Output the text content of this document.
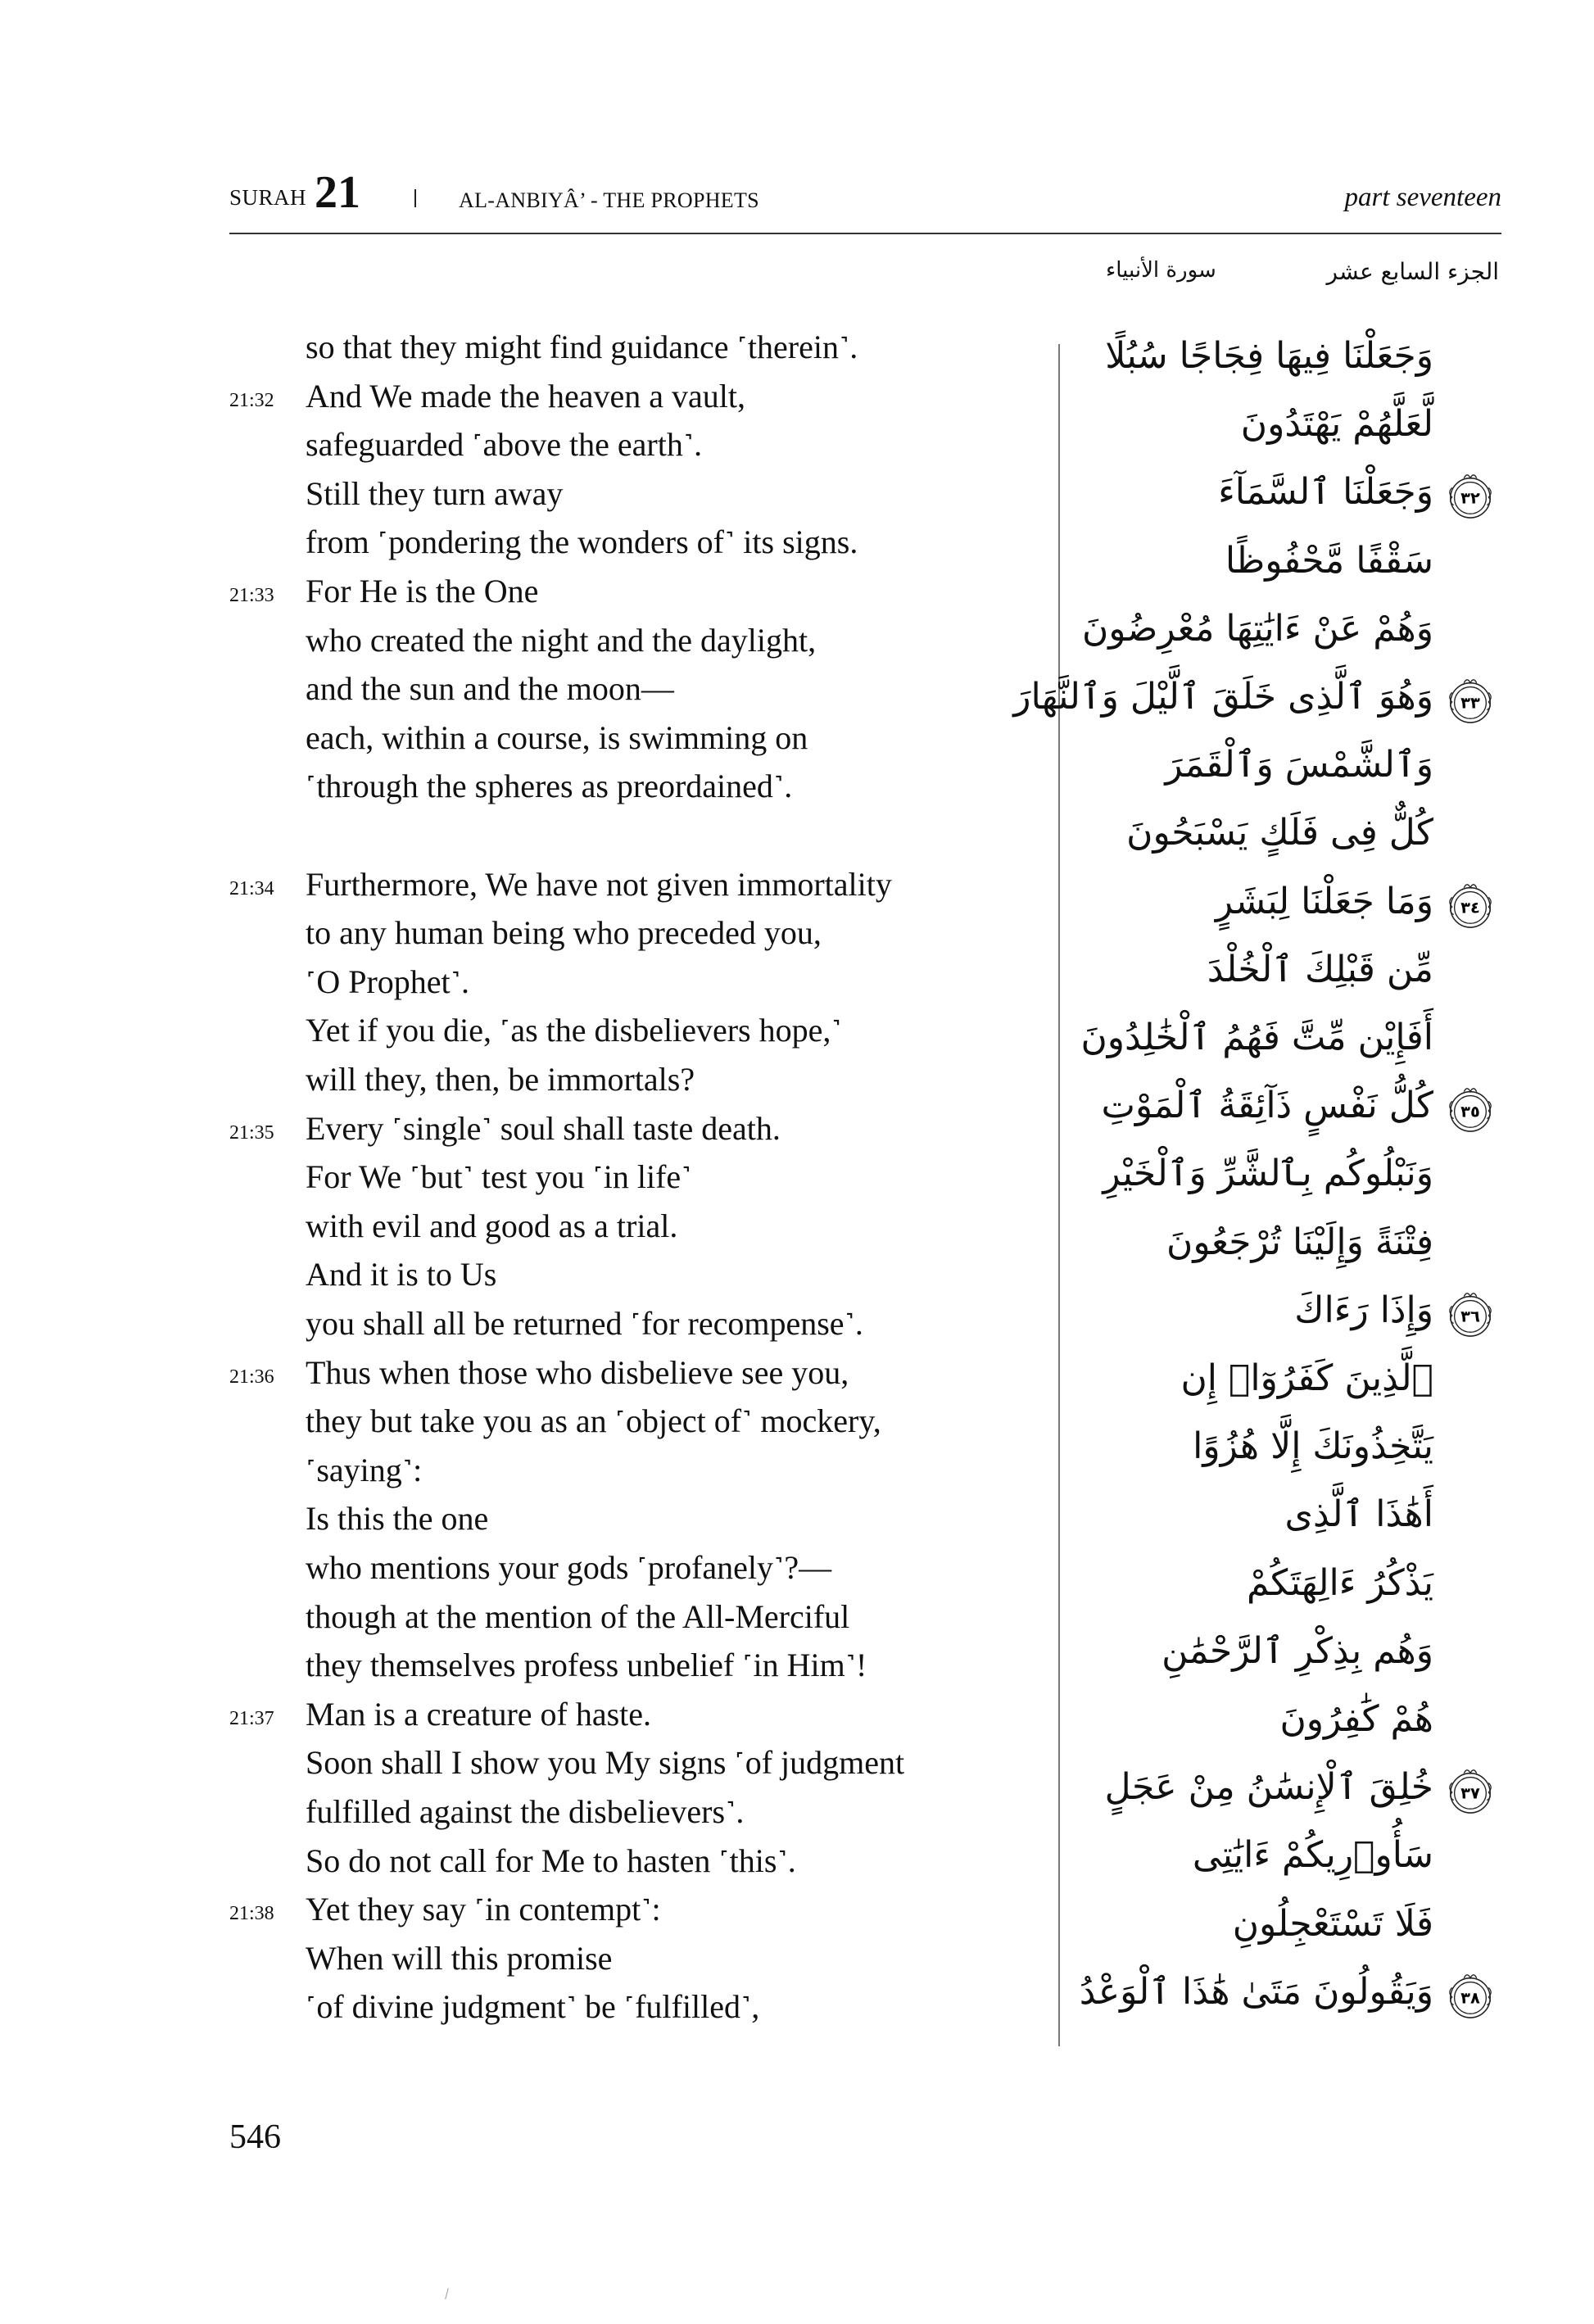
SURAH 21	AL-ANBIYÂ’ - THE PROPHETS	part seventeen
الجزء السابع عشر
سورة الأنبياء
so that they might find guidance ˹therein˺.
21:32 And We made the heaven a vault,
safeguarded ˹above the earth˺.
Still they turn away
from ˹pondering the wonders of˺ its signs.
21:33 For He is the One
who created the night and the daylight,
and the sun and the moon—
each, within a course, is swimming on
˹through the spheres as preordained˺.
21:34 Furthermore, We have not given immortality
to any human being who preceded you,
˹O Prophet˺.
Yet if you die, ˹as the disbelievers hope,˺
will they, then, be immortals?
21:35 Every ˹single˺ soul shall taste death.
For We ˹but˺ test you ˹in life˺
with evil and good as a trial.
And it is to Us
you shall all be returned ˹for recompense˺.
21:36 Thus when those who disbelieve see you,
they but take you as an ˹object of˺ mockery,
˹saying˺:
Is this the one
who mentions your gods ˹profanely˺?—
though at the mention of the All-Merciful
they themselves profess unbelief ˹in Him˺!
21:37 Man is a creature of haste.
Soon shall I show you My signs ˹of judgment
fulfilled against the disbelievers˺.
So do not call for Me to hasten ˹this˺.
21:38 Yet they say ˹in contempt˺:
When will this promise
˹of divine judgment˺ be ˹fulfilled˺,
وَجَعَلْنَا فِيهَا فِجَاجًا سُبُلًا
لَّعَلَّهُمْ يَهْتَدُونَ
وَجَعَلْنَا ٱلسَّمَآءَ ٣٢
سَقْفًا مَّحْفُوظًا
وَهُمْ عَنْ ءَايَٰتِهَا مُعْرِضُونَ
وَهُوَ ٱلَّذِى خَلَقَ ٱلَّيْلَ وَٱلنَّهَارَ ٣٣
وَٱلشَّمْسَ وَٱلْقَمَرَ
كُلٌّ فِى فَلَكٍ يَسْبَحُونَ
وَمَا جَعَلْنَا لِبَشَرٍ ٣٤
مِّن قَبْلِكَ ٱلْخُلْدَ
أَفَإِيْن مِّتَّ فَهُمُ ٱلْخَٰلِدُونَ
كُلُّ نَفْسٍ ذَآئِقَةُ ٱلْمَوْتِ ٣٥
وَنَبْلُوكُم بِٱلشَّرِّ وَٱلْخَيْرِ
فِتْنَةً وَإِلَيْنَا تُرْجَعُونَ
وَإِذَا رَءَاكَ ٣٦
ٱلَّذِينَ كَفَرُوٓا۟ إِن
يَتَّخِذُونَكَ إِلَّا هُزُوًا
أَهَٰذَا ٱلَّذِى
يَذْكُرُ ءَالِهَتَكُمْ
وَهُم بِذِكْرِ ٱلرَّحْمَٰنِ
هُمْ كَٰفِرُونَ
خُلِقَ ٱلْإِنسَٰنُ مِنْ عَجَلٍ ٣٧
سَأُو۟رِيكُمْ ءَايَٰتِى
فَلَا تَسْتَعْجِلُونِ
وَيَقُولُونَ مَتَىٰ هَٰذَا ٱلْوَعْدُ ٣٨
546
